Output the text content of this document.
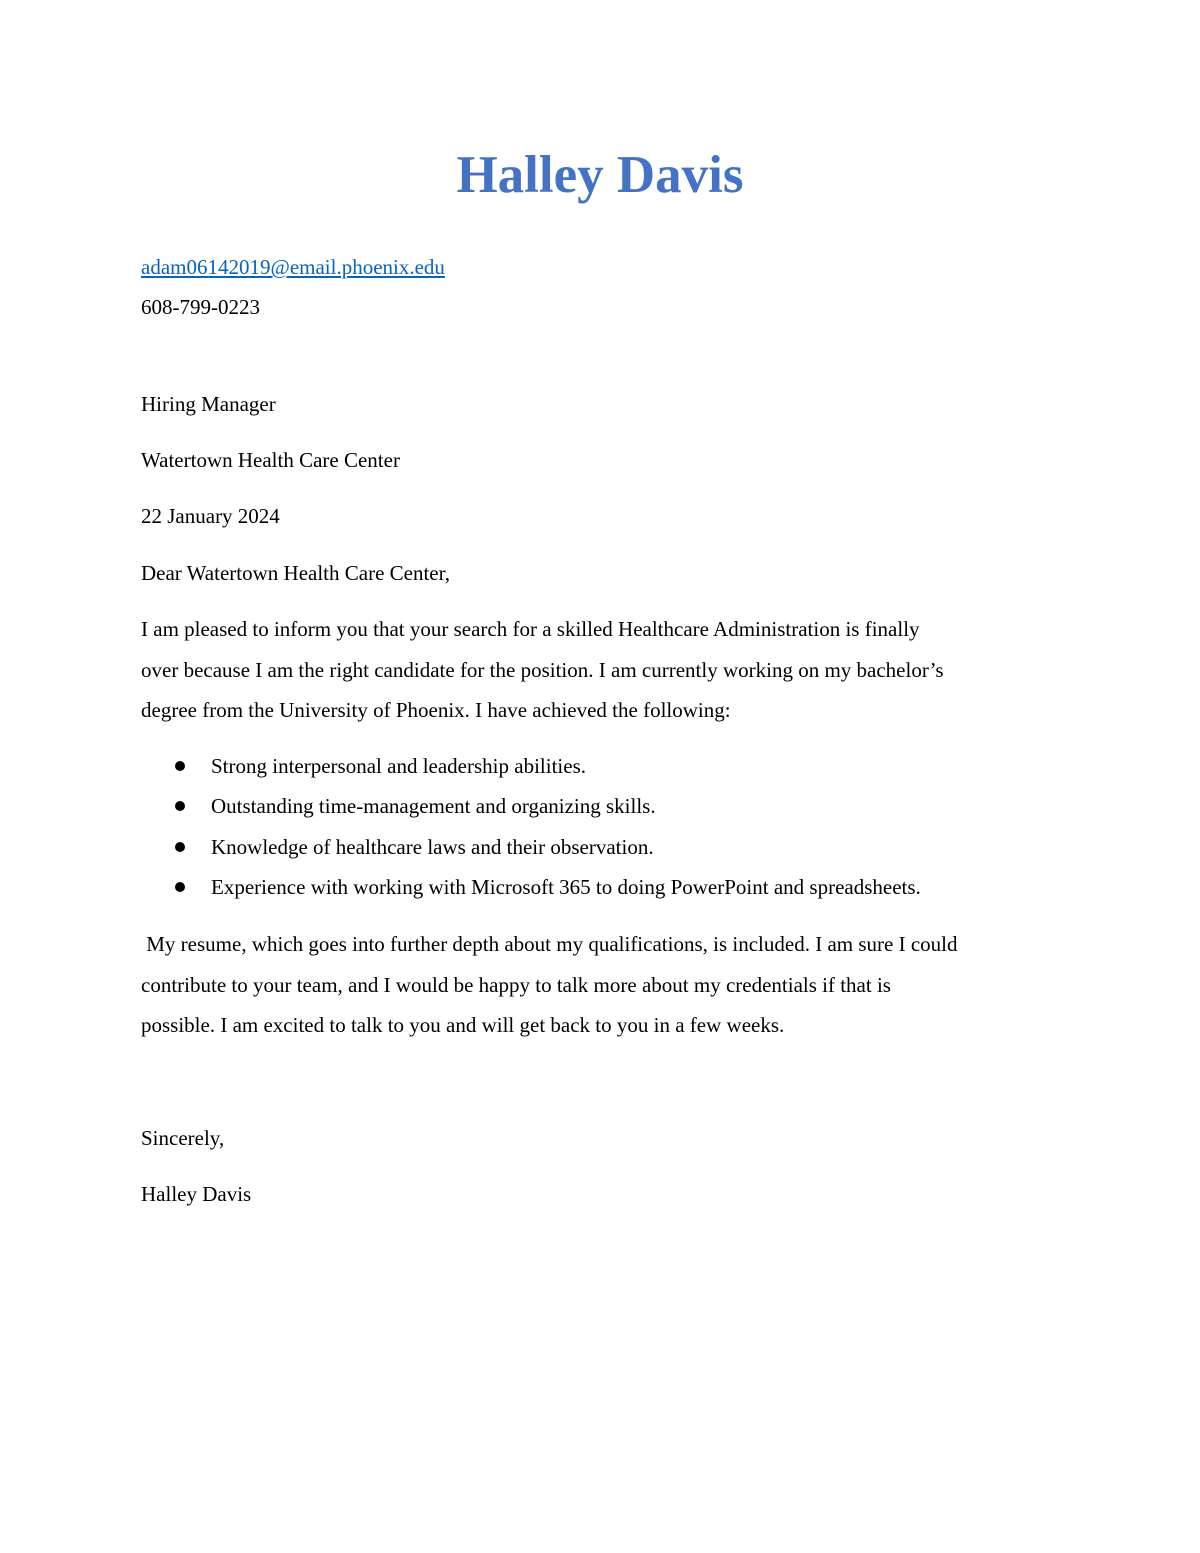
Halley Davis
adam06142019@email.phoenix.edu
608-799-0223
Hiring Manager
Watertown Health Care Center
22 January 2024
Dear Watertown Health Care Center,
I am pleased to inform you that your search for a skilled Healthcare Administration is finally
over because I am the right candidate for the position. I am currently working on my bachelor’s
degree from the University of Phoenix. I have achieved the following:
Strong interpersonal and leadership abilities.
Outstanding time-management and organizing skills.
Knowledge of healthcare laws and their observation.
Experience with working with Microsoft 365 to doing PowerPoint and spreadsheets.
My resume, which goes into further depth about my qualifications, is included. I am sure I could
contribute to your team, and I would be happy to talk more about my credentials if that is
possible. I am excited to talk to you and will get back to you in a few weeks.
Sincerely,
Halley Davis
